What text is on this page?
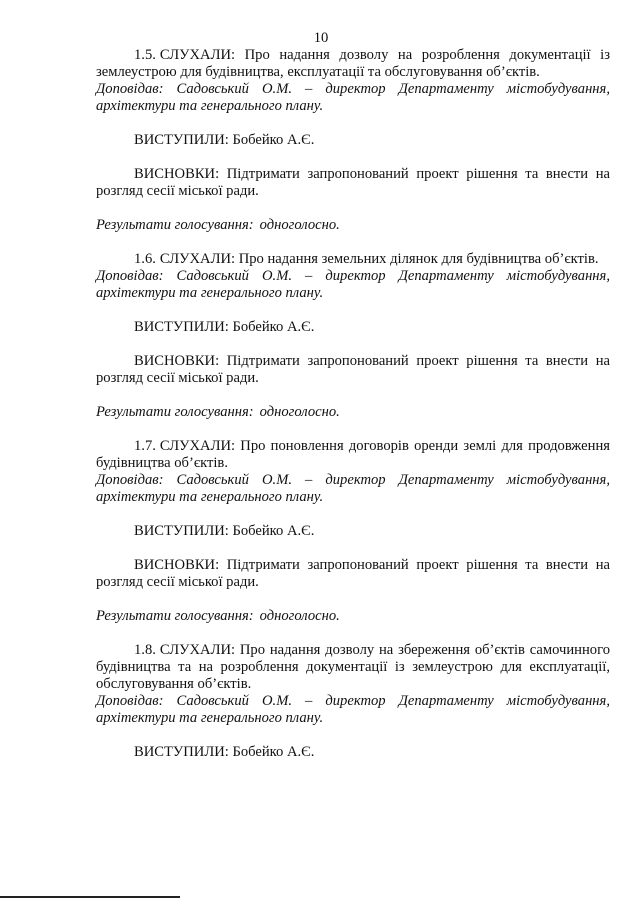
10
1.5. СЛУХАЛИ: Про надання дозволу на розроблення документації із землеустрою для будівництва, експлуатації та обслуговування об’єктів.
Доповідав: Садовський О.М. – директор Департаменту містобудування, архітектури та генерального плану.
ВИСТУПИЛИ: Бобейко А.Є.
ВИСНОВКИ: Підтримати запропонований проект рішення та внести на розгляд сесії міської ради.
Результати голосування: одноголосно.
1.6. СЛУХАЛИ: Про надання земельних ділянок для будівництва об’єктів.
Доповідав: Садовський О.М. – директор Департаменту містобудування, архітектури та генерального плану.
ВИСТУПИЛИ: Бобейко А.Є.
ВИСНОВКИ: Підтримати запропонований проект рішення та внести на розгляд сесії міської ради.
Результати голосування: одноголосно.
1.7. СЛУХАЛИ: Про поновлення договорів оренди землі для продовження будівництва об’єктів.
Доповідав: Садовський О.М. – директор Департаменту містобудування, архітектури та генерального плану.
ВИСТУПИЛИ: Бобейко А.Є.
ВИСНОВКИ: Підтримати запропонований проект рішення та внести на розгляд сесії міської ради.
Результати голосування: одноголосно.
1.8. СЛУХАЛИ: Про надання дозволу на збереження об’єктів самочинного будівництва та на розроблення документації із землеустрою для експлуатації, обслуговування об’єктів.
Доповідав: Садовський О.М. – директор Департаменту містобудування, архітектури та генерального плану.
ВИСТУПИЛИ: Бобейко А.Є.
